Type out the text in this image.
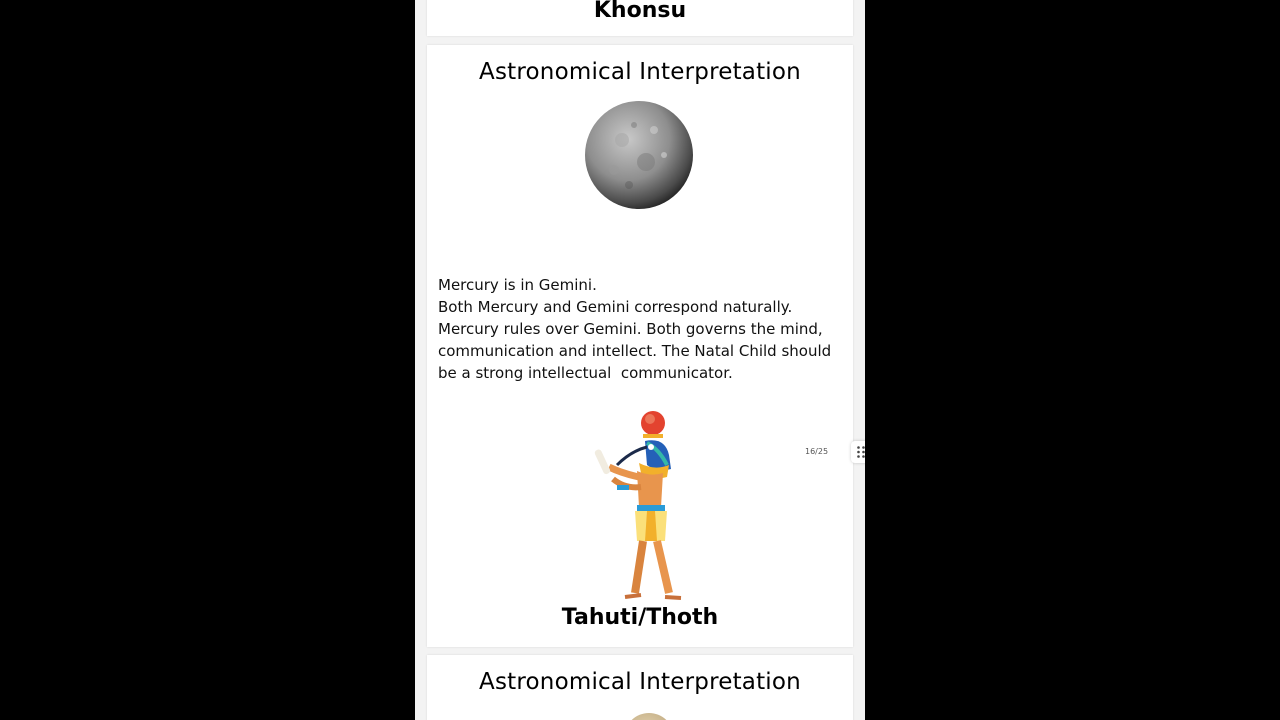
Khonsu
Astronomical Interpretation
Mercury is in Gemini.
Both Mercury and Gemini correspond naturally.
Mercury rules over Gemini. Both governs the mind,
communication and intellect. The Natal Child should
be a strong intellectual  communicator.
Tahuti/Thoth
Astronomical Interpretation
16/25
